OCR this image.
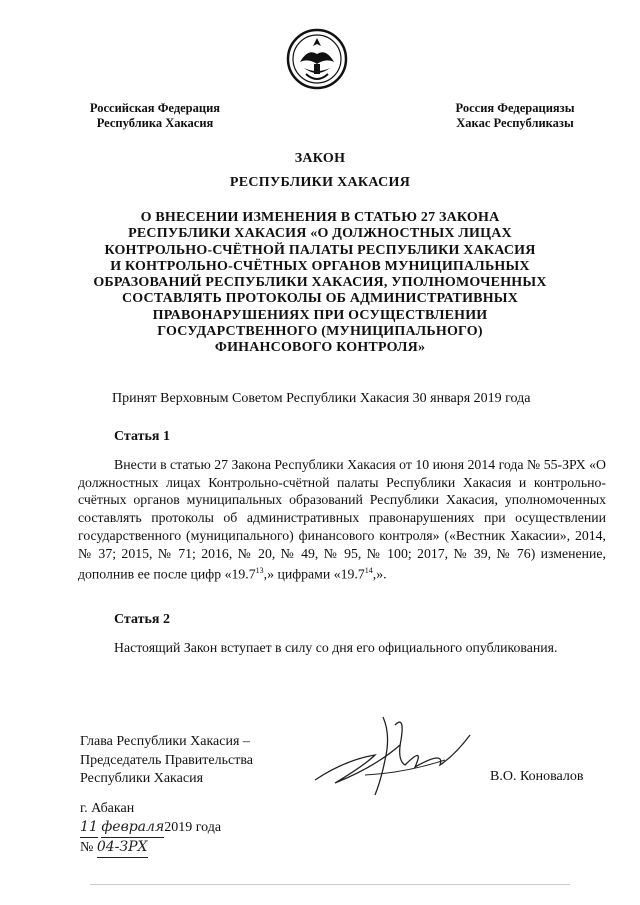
Российская Федерация
Республика Хакасия
Россия Федерациязы
Хакас Республиказы
ЗАКОН
РЕСПУБЛИКИ ХАКАСИЯ
О ВНЕСЕНИИ ИЗМЕНЕНИЯ В СТАТЬЮ 27 ЗАКОНА
РЕСПУБЛИКИ ХАКАСИЯ «О ДОЛЖНОСТНЫХ ЛИЦАХ
КОНТРОЛЬНО-СЧЁТНОЙ ПАЛАТЫ РЕСПУБЛИКИ ХАКАСИЯ
И КОНТРОЛЬНО-СЧЁТНЫХ ОРГАНОВ МУНИЦИПАЛЬНЫХ
ОБРАЗОВАНИЙ РЕСПУБЛИКИ ХАКАСИЯ, УПОЛНОМОЧЕННЫХ
СОСТАВЛЯТЬ ПРОТОКОЛЫ ОБ АДМИНИСТРАТИВНЫХ
ПРАВОНАРУШЕНИЯХ ПРИ ОСУЩЕСТВЛЕНИИ
ГОСУДАРСТВЕННОГО (МУНИЦИПАЛЬНОГО)
ФИНАНСОВОГО КОНТРОЛЯ»
Принят Верховным Советом Республики Хакасия 30 января 2019 года
Статья 1
Внести в статью 27 Закона Республики Хакасия от 10 июня 2014 года № 55-ЗРХ «О должностных лицах Контрольно-счётной палаты Республики Хакасия и контрольно-счётных органов муниципальных образований Республики Хакасия, уполномоченных составлять протоколы об административных правонарушениях при осуществлении государственного (муниципального) финансового контроля» («Вестник Хакасии», 2014, № 37; 2015, № 71; 2016, № 20, № 49, № 95, № 100; 2017, № 39, № 76) изменение, дополнив ее после цифр «19.7$^{13}$,» цифрами «19.7$^{14}$,».
Статья 2
Настоящий Закон вступает в силу со дня его официального опубликования.
Глава Республики Хакасия –
Председатель Правительства
Республики Хакасия	В.О. Коновалов
г. Абакан
11 февраля2019 года
№ 04-ЗРХ
